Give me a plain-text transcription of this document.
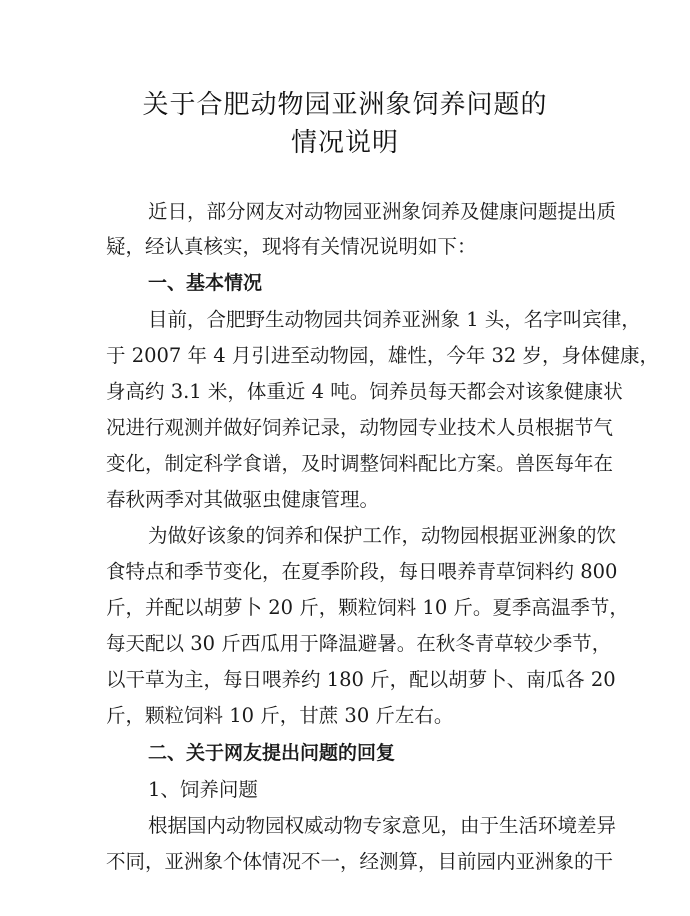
关于合肥动物园亚洲象饲养问题的
情况说明
近日，部分网友对动物园亚洲象饲养及健康问题提出质
疑，经认真核实，现将有关情况说明如下：
一、基本情况
目前，合肥野生动物园共饲养亚洲象 1 头，名字叫宾律，
于 2007 年 4 月引进至动物园，雄性，今年 32 岁，身体健康，
身高约 3.1 米，体重近 4 吨。饲养员每天都会对该象健康状
况进行观测并做好饲养记录，动物园专业技术人员根据节气
变化，制定科学食谱，及时调整饲料配比方案。兽医每年在
春秋两季对其做驱虫健康管理。
为做好该象的饲养和保护工作，动物园根据亚洲象的饮
食特点和季节变化，在夏季阶段，每日喂养青草饲料约 800
斤，并配以胡萝卜 20 斤，颗粒饲料 10 斤。夏季高温季节，
每天配以 30 斤西瓜用于降温避暑。在秋冬青草较少季节，
以干草为主，每日喂养约 180 斤，配以胡萝卜、南瓜各 20
斤，颗粒饲料 10 斤，甘蔗 30 斤左右。
二、关于网友提出问题的回复
1、饲养问题
根据国内动物园权威动物专家意见，由于生活环境差异
不同，亚洲象个体情况不一，经测算，目前园内亚洲象的干
